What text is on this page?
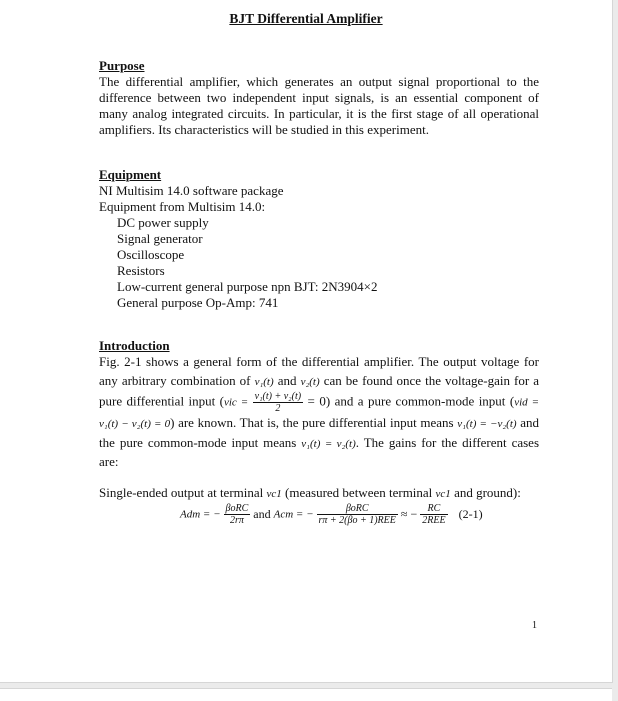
BJT Differential Amplifier
Purpose
The differential amplifier, which generates an output signal proportional to the difference between two independent input signals, is an essential component of many analog integrated circuits. In particular, it is the first stage of all operational amplifiers. Its characteristics will be studied in this experiment.
Equipment
NI Multisim 14.0 software package
Equipment from Multisim 14.0:
DC power supply
Signal generator
Oscilloscope
Resistors
Low-current general purpose npn BJT: 2N3904×2
General purpose Op-Amp: 741
Introduction
Fig. 2-1 shows a general form of the differential amplifier. The output voltage for any arbitrary combination of v₁(t) and v₂(t) can be found once the voltage-gain for a pure differential input $(vic = \frac{\text{v₁(t) + v₂(t)}}{2} = 0)$ and a pure common-mode input (vid = v₁(t) − v₂(t) = 0) are known. That is, the pure differential input means v₁(t) = −v₂(t) and the pure common-mode input means v₁(t) = v₂(t). The gains for the different cases are:
Single-ended output at terminal vc1 (measured between terminal vc1 and ground):
Adm = − $\frac{\text{βoRC}}{2r\pi}$ and Acm = − $\frac{\text{βoRC}}{\text{rπ + 2(βo + 1)REE}}$ ≈ − $\frac{RC}{\text{2REE}} (2-1)$
1
